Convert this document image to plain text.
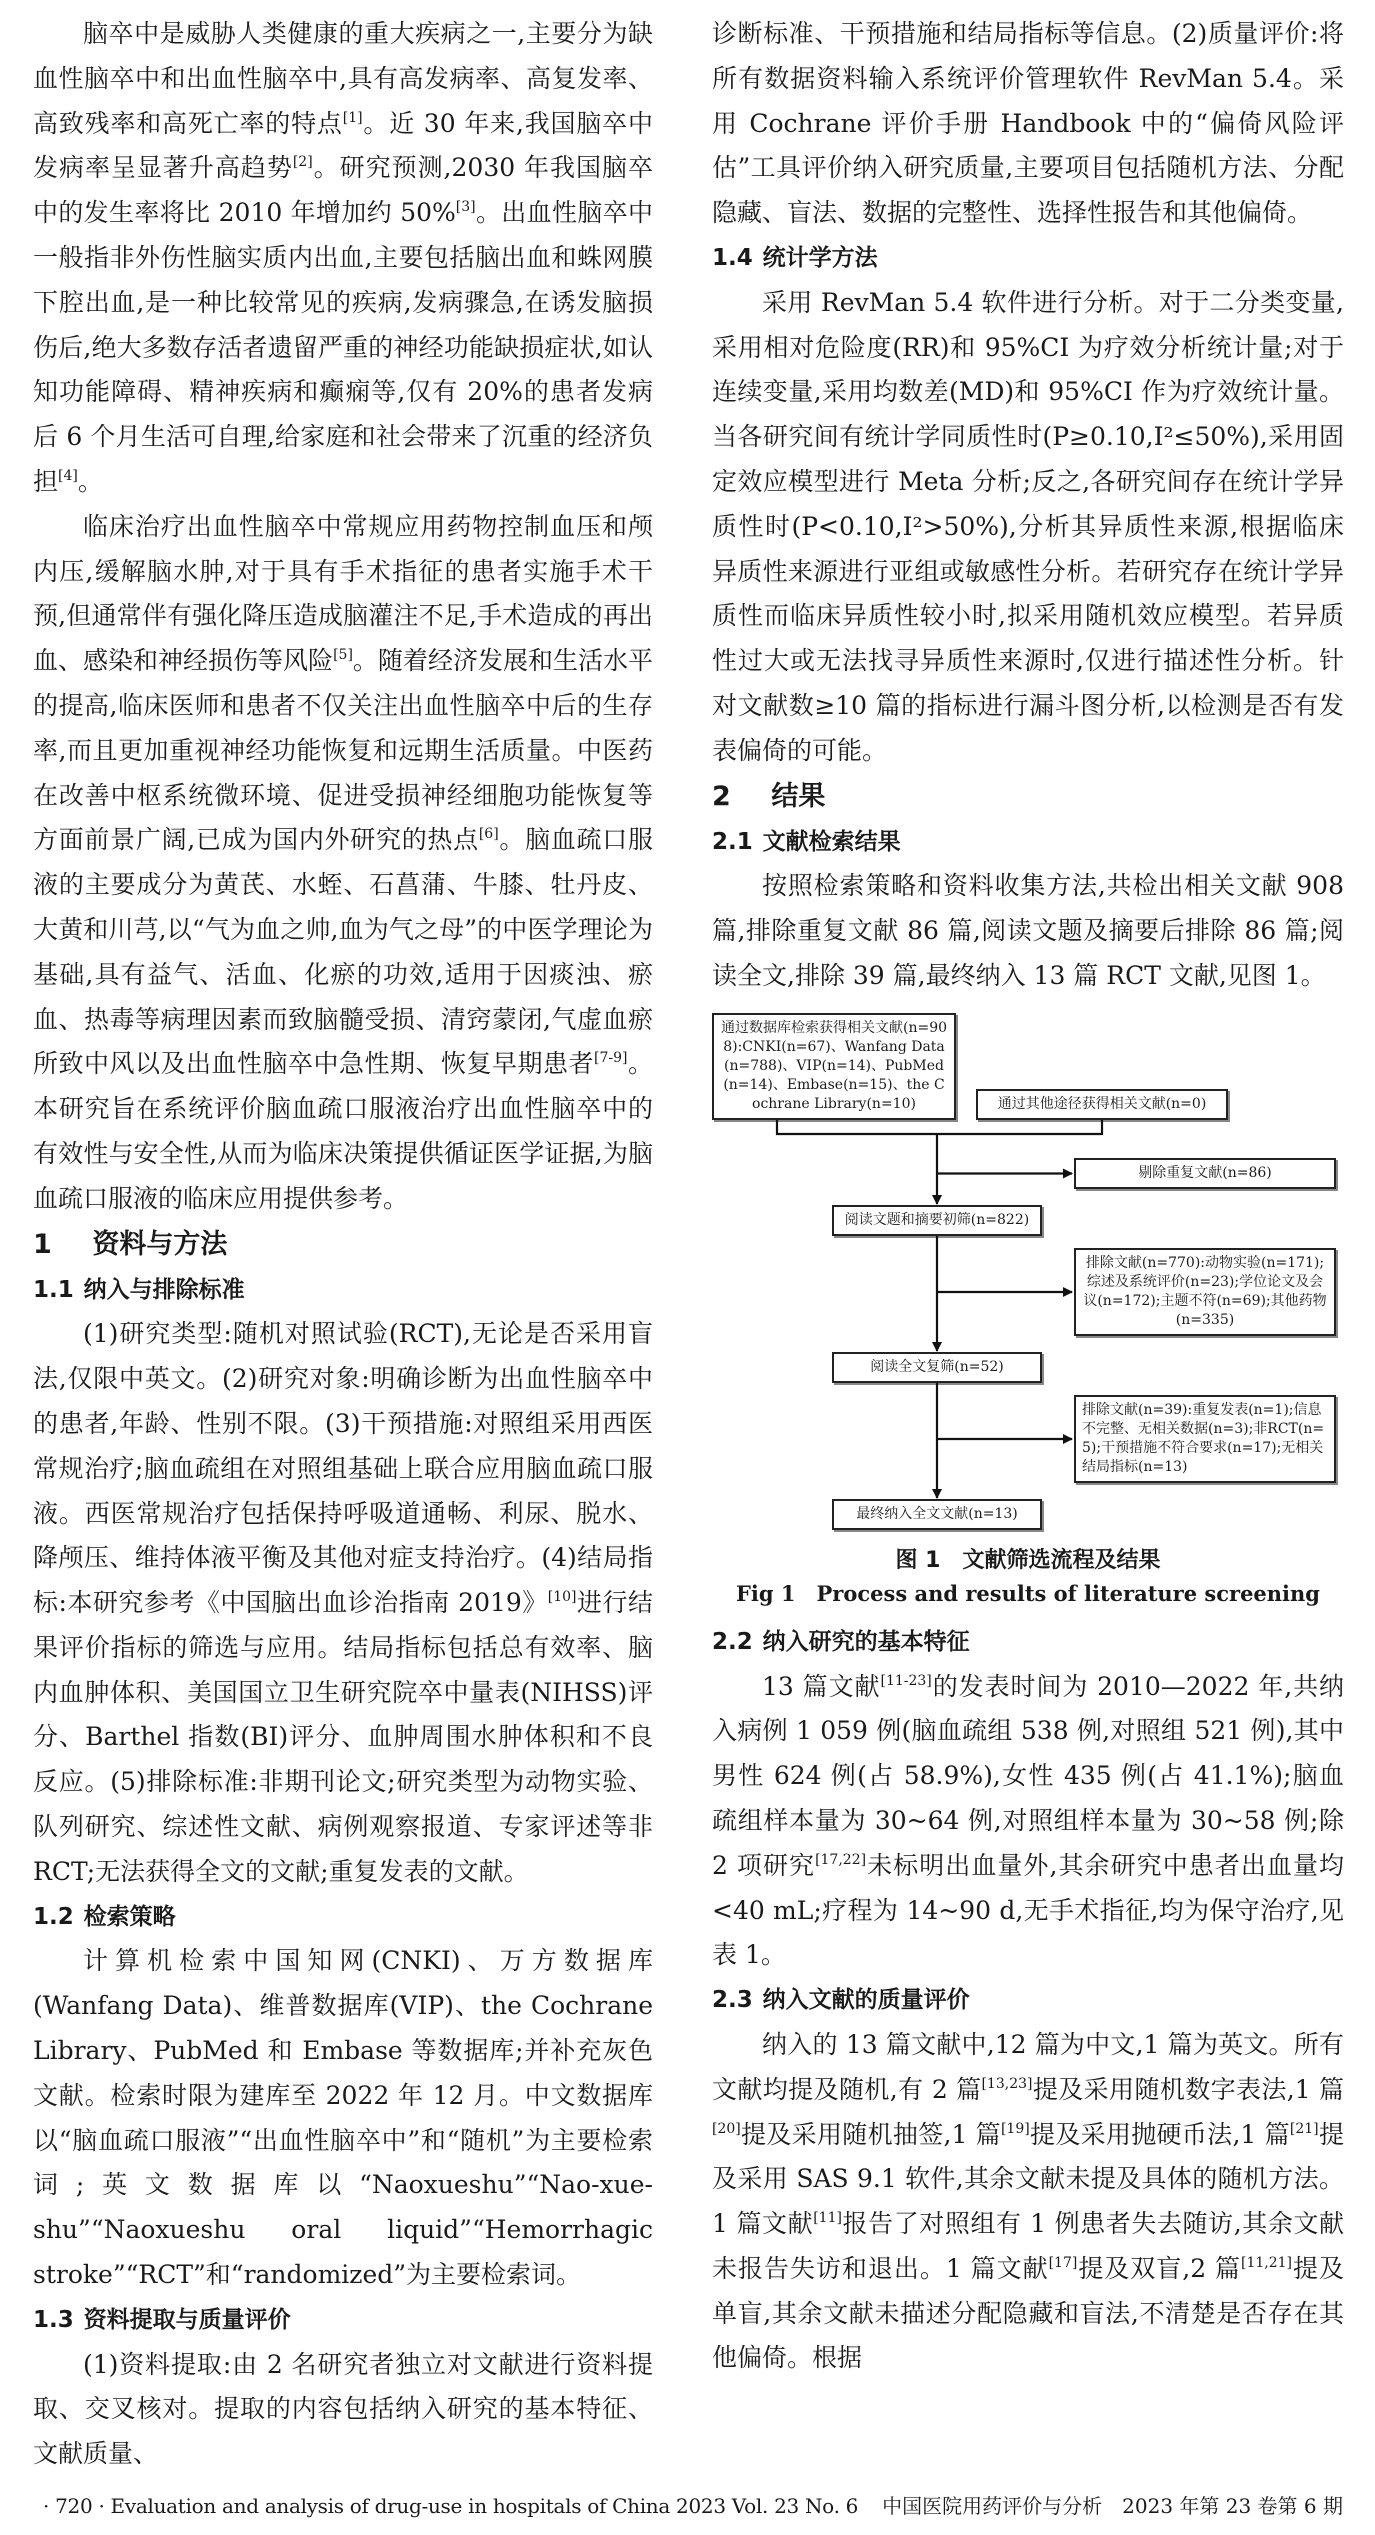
脑卒中是威胁人类健康的重大疾病之一,主要分为缺血性脑卒中和出血性脑卒中,具有高发病率、高复发率、高致残率和高死亡率的特点[1]。近 30 年来,我国脑卒中发病率呈显著升高趋势[2]。研究预测,2030 年我国脑卒中的发生率将比 2010 年增加约 50%[3]。出血性脑卒中一般指非外伤性脑实质内出血,主要包括脑出血和蛛网膜下腔出血,是一种比较常见的疾病,发病骤急,在诱发脑损伤后,绝大多数存活者遗留严重的神经功能缺损症状,如认知功能障碍、精神疾病和癫痫等,仅有 20%的患者发病后 6 个月生活可自理,给家庭和社会带来了沉重的经济负担[4]。

临床治疗出血性脑卒中常规应用药物控制血压和颅内压,缓解脑水肿,对于具有手术指征的患者实施手术干预,但通常伴有强化降压造成脑灌注不足,手术造成的再出血、感染和神经损伤等风险[5]。随着经济发展和生活水平的提高,临床医师和患者不仅关注出血性脑卒中后的生存率,而且更加重视神经功能恢复和远期生活质量。中医药在改善中枢系统微环境、促进受损神经细胞功能恢复等方面前景广阔,已成为国内外研究的热点[6]。脑血疏口服液的主要成分为黄芪、水蛭、石菖蒲、牛膝、牡丹皮、大黄和川芎,以“气为血之帅,血为气之母”的中医学理论为基础,具有益气、活血、化瘀的功效,适用于因痰浊、瘀血、热毒等病理因素而致脑髓受损、清窍蒙闭,气虚血瘀所致中风以及出血性脑卒中急性期、恢复早期患者[7-9]。本研究旨在系统评价脑血疏口服液治疗出血性脑卒中的有效性与安全性,从而为临床决策提供循证医学证据,为脑血疏口服液的临床应用提供参考。

1 资料与方法
1.1 纳入与排除标准

(1)研究类型:随机对照试验(RCT),无论是否采用盲法,仅限中英文。(2)研究对象:明确诊断为出血性脑卒中的患者,年龄、性别不限。(3)干预措施:对照组采用西医常规治疗;脑血疏组在对照组基础上联合应用脑血疏口服液。西医常规治疗包括保持呼吸道通畅、利尿、脱水、降颅压、维持体液平衡及其他对症支持治疗。(4)结局指标:本研究参考《中国脑出血诊治指南 2019》[10]进行结果评价指标的筛选与应用。结局指标包括总有效率、脑内血肿体积、美国国立卫生研究院卒中量表(NIHSS)评分、Barthel 指数(BI)评分、血肿周围水肿体积和不良反应。(5)排除标准:非期刊论文;研究类型为动物实验、队列研究、综述性文献、病例观察报道、专家评述等非 RCT;无法获得全文的文献;重复发表的文献。

1.2 检索策略

计算机检索中国知网(CNKI)、万方数据库(Wanfang Data)、维普数据库(VIP)、the Cochrane Library、PubMed 和 Embase 等数据库;并补充灰色文献。检索时限为建库至 2022 年 12 月。中文数据库以“脑血疏口服液”“出血性脑卒中”和“随机”为主要检索词;英文数据库以“Naoxueshu”“Nao-xue-shu”“Naoxueshu oral liquid”“Hemorrhagic stroke”“RCT”和“randomized”为主要检索词。

1.3 资料提取与质量评价

(1)资料提取:由 2 名研究者独立对文献进行资料提取、交叉核对。提取的内容包括纳入研究的基本特征、文献质量、

诊断标准、干预措施和结局指标等信息。(2)质量评价:将所有数据资料输入系统评价管理软件 RevMan 5.4。采用 Cochrane 评价手册 Handbook 中的“偏倚风险评估”工具评价纳入研究质量,主要项目包括随机方法、分配隐藏、盲法、数据的完整性、选择性报告和其他偏倚。

1.4 统计学方法

采用 RevMan 5.4 软件进行分析。对于二分类变量,采用相对危险度(RR)和 95%CI 为疗效分析统计量;对于连续变量,采用均数差(MD)和 95%CI 作为疗效统计量。当各研究间有统计学同质性时(P≥0.10,I²≤50%),采用固定效应模型进行 Meta 分析;反之,各研究间存在统计学异质性时(P<0.10,I²>50%),分析其异质性来源,根据临床异质性来源进行亚组或敏感性分析。若研究存在统计学异质性而临床异质性较小时,拟采用随机效应模型。若异质性过大或无法找寻异质性来源时,仅进行描述性分析。针对文献数≥10 篇的指标进行漏斗图分析,以检测是否有发表偏倚的可能。

2 结果
2.1 文献检索结果

按照检索策略和资料收集方法,共检出相关文献 908 篇,排除重复文献 86 篇,阅读文题及摘要后排除 86 篇;阅读全文,排除 39 篇,最终纳入 13 篇 RCT 文献,见图 1。

通过数据库检索获得相关文献(n=908):CNKI(n=67)、Wanfang Data (n=788)、VIP(n=14)、PubMed (n=14)、Embase(n=15)、the Cochrane Library(n=10)	通过其他途径获得相关文献(n=0)
剔除重复文献(n=86)
阅读文题和摘要初筛(n=822)
排除文献(n=770):动物实验(n=171);综述及系统评价(n=23);学位论文及会议(n=172);主题不符(n=69);其他药物(n=335)
阅读全文复筛(n=52)
排除文献(n=39):重复发表(n=1);信息不完整、无相关数据(n=3);非RCT(n=5);干预措施不符合要求(n=17);无相关结局指标(n=13)
最终纳入全文文献(n=13)
图 1　文献筛选流程及结果
Fig 1　Process and results of literature screening
2.2 纳入研究的基本特征

13 篇文献[11-23]的发表时间为 2010—2022 年,共纳入病例 1 059 例(脑血疏组 538 例,对照组 521 例),其中男性 624 例(占 58.9%),女性 435 例(占 41.1%);脑血疏组样本量为 30~64 例,对照组样本量为 30~58 例;除 2 项研究[17,22]未标明出血量外,其余研究中患者出血量均<40 mL;疗程为 14~90 d,无手术指征,均为保守治疗,见表 1。

2.3 纳入文献的质量评价

纳入的 13 篇文献中,12 篇为中文,1 篇为英文。所有文献均提及随机,有 2 篇[13,23]提及采用随机数字表法,1 篇[20]提及采用随机抽签,1 篇[19]提及采用抛硬币法,1 篇[21]提及采用 SAS 9.1 软件,其余文献未提及具体的随机方法。1 篇文献[11]报告了对照组有 1 例患者失去随访,其余文献未报告失访和退出。1 篇文献[17]提及双盲,2 篇[11,21]提及单盲,其余文献未描述分配隐藏和盲法,不清楚是否存在其他偏倚。根据

· 720 · Evaluation and analysis of drug-use in hospitals of China 2023 Vol. 23 No. 6 中国医院用药评价与分析　2023 年第 23 卷第 6 期
